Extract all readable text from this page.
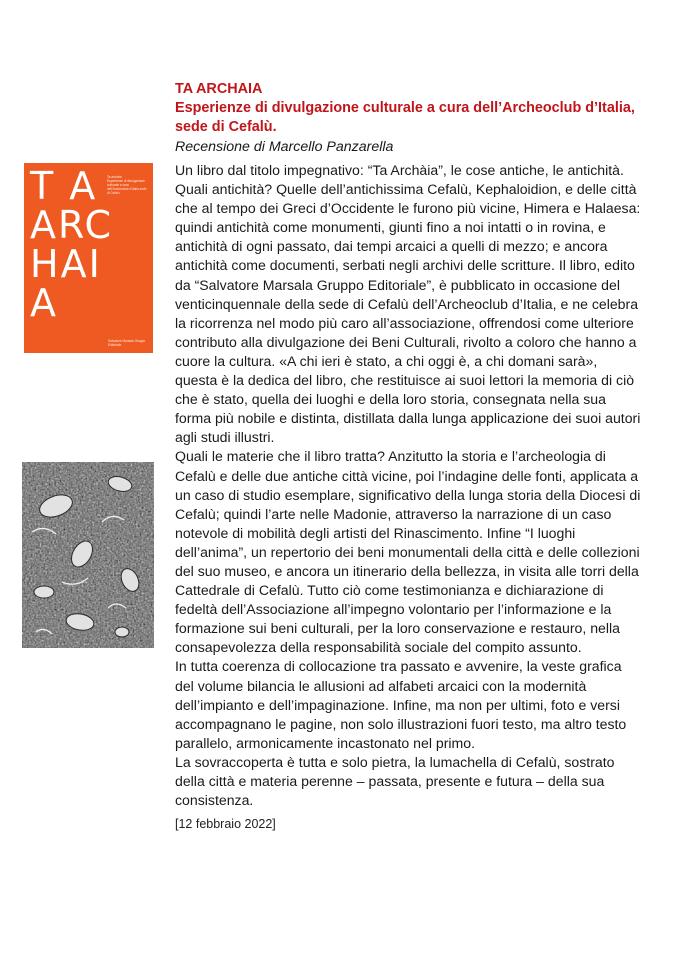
TA ARCHAIA
Esperienze di divulgazione culturale a cura dell’Archeoclub d’Italia,
sede di Cefalù.
Recensione di Marcello Panzarella
T A
ARC
HAI
A
Ta archaia
Esperienze di divulgazione culturale a cura dell’Archeoclub d’Italia sede di Cefalù
Salvatore Marsala Gruppo Editoriale

Un libro dal titolo impegnativo: “Ta Archàia”, le cose antiche, le antichità. Quali antichità? Quelle dell’antichissima Cefalù, Kephaloidion, e delle città che al tempo dei Greci d’Occidente le furono più vicine, Himera e Halaesa: quindi antichità come monumenti, giunti fino a noi intatti o in rovina, e antichità di ogni passato, dai tempi arcaici a quelli di mezzo; e ancora antichità come documenti, serbati negli archivi delle scritture. Il libro, edito da “Salvatore Marsala Gruppo Editoriale”, è pubblicato in occasione del venticinquennale della sede di Cefalù dell’Archeoclub d’Italia, e ne celebra la ricorrenza nel modo più caro all’associazione, offrendosi come ulteriore contributo alla divulgazione dei Beni Culturali, rivolto a coloro che hanno a cuore la cultura. «A chi ieri è stato, a chi oggi è, a chi domani sarà», questa è la dedica del libro, che restituisce ai suoi lettori la memoria di ciò che è stato, quella dei luoghi e della loro storia, consegnata nella sua forma più nobile e distinta, distillata dalla lunga applicazione dei suoi autori agli studi illustri.

Quali le materie che il libro tratta? Anzitutto la storia e l’archeologia di Cefalù e delle due antiche città vicine, poi l’indagine delle fonti, applicata a un caso di studio esemplare, significativo della lunga storia della Diocesi di Cefalù; quindi l’arte nelle Madonie, attraverso la narrazione di un caso notevole di mobilità degli artisti del Rinascimento. Infine “I luoghi dell’anima”, un repertorio dei beni monumentali della città e delle collezioni del suo museo, e ancora un itinerario della bellezza, in visita alle torri della Cattedrale di Cefalù. Tutto ciò come testimonianza e dichiarazione di fedeltà dell’Associazione all’impegno volontario per l’informazione e la formazione sui beni culturali, per la loro conservazione e restauro, nella consapevolezza della responsabilità sociale del compito assunto.

In tutta coerenza di collocazione tra passato e avvenire, la veste grafica del volume bilancia le allusioni ad alfabeti arcaici con la modernità dell’impianto e dell’impaginazione. Infine, ma non per ultimi, foto e versi accompagnano le pagine, non solo illustrazioni fuori testo, ma altro testo parallelo, armonicamente incastonato nel primo.

La sovraccoperta è tutta e solo pietra, la lumachella di Cefalù, sostrato della città e materia perenne – passata, presente e futura – della sua consistenza.

[12 febbraio 2022]
